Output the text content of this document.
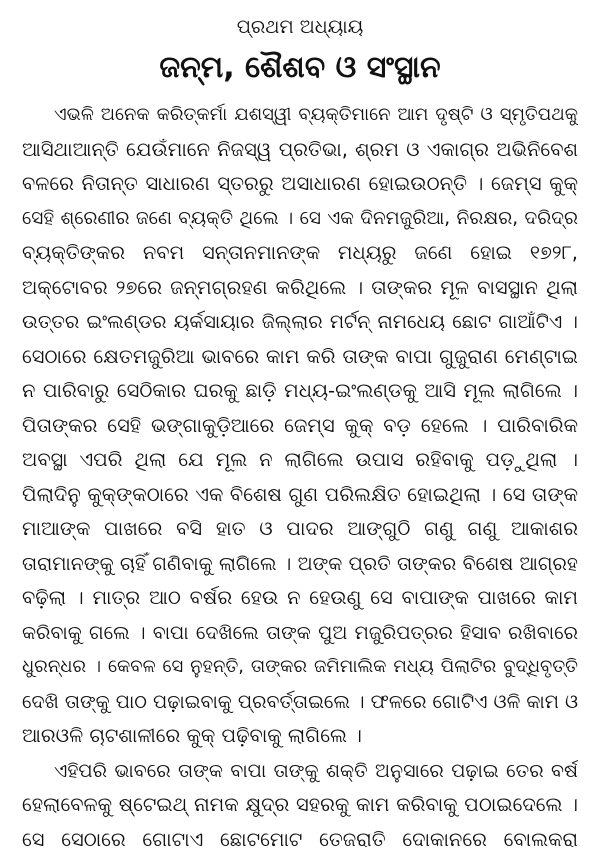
ପ୍ରଥମ ଅଧ୍ୟାୟ
ଜନ୍ମ, ଶୈଶବ ଓ ସଂସ୍ଥାନ
ଏଭଳି ଅନେକ କରିତ୍କର୍ମା ଯଶସ୍ୱୀ ବ୍ୟକ୍ତିମାନେ ଆମ ଦୃଷ୍ଟି ଓ ସ୍ମୃତିପଥକୁ
ଆସିଥାଆନ୍ତି ଯେଉଁମାନେ ନିଜସ୍ୱ ପ୍ରତିଭା, ଶ୍ରମ ଓ ଏକାଗ୍ର ଅଭିନିବେଶ
ବଳରେ ନିତାନ୍ତ ସାଧାରଣ ସ୍ତରରୁ ଅସାଧାରଣ ହୋଇଉଠନ୍ତି । ଜେମ୍ସ କୁକ୍
ସେହି ଶ୍ରେଣୀର ଜଣେ ବ୍ୟକ୍ତି ଥିଲେ । ସେ ଏକ ଦିନମଜୁରିଆ, ନିରକ୍ଷର, ଦରିଦ୍ର
ବ୍ୟକ୍ତିଙ୍କର ନବମ ସନ୍ତାନମାନଙ୍କ ମଧ୍ୟରୁ ଜଣେ ହୋଇ ୧୭୨୮,
ଅକ୍ଟୋବର ୨୭ରେ ଜନ୍ମଗ୍ରହଣ କରିଥିଲେ । ତାଙ୍କର ମୂଳ ବାସସ୍ଥାନ ଥିଲା
ଉତ୍ତର ଇଂଲଣ୍ଡର ୟର୍କସାୟାର ଜିଲ୍ଲାର ମର୍ଟନ୍ ନାମଧେୟ ଛୋଟ ଗାଆଁଟିଏ ।
ସେଠାରେ କ୍ଷେତମଜୁରିଆ ଭାବରେ କାମ କରି ତାଙ୍କ ବାପା ଗୁଜୁରାଣ ମେଣ୍ଟାଇ
ନ ପାରିବାରୁ ସେଠିକାର ଘରକୁ ଛାଡ଼ି ମଧ୍ୟ-ଇଂଲଣ୍ଡକୁ ଆସି ମୂଲ ଲାଗିଲେ ।
ପିତାଙ୍କର ସେହି ଭଙ୍ଗାକୁଡ଼ିଆରେ ଜେମ୍ସ କୁକ୍ ବଡ଼ ହେଲେ । ପାରିବାରିକ
ଅବସ୍ଥା ଏପରି ଥିଲା ଯେ ମୂଲ ନ ଲାଗିଲେ ଉପାସ ରହିବାକୁ ପଡ଼ୁଥିଲା ।
ପିଲାଦିନୁ କୁକ୍‌ଙ୍କଠାରେ ଏକ ବିଶେଷ ଗୁଣ ପରିଲକ୍ଷିତ ହୋଇଥିଲା । ସେ ତାଙ୍କ
ମାଆଙ୍କ ପାଖରେ ବସି ହାତ ଓ ପାଦର ଆଙ୍ଗୁଠି ଗଣୁ ଗଣୁ ଆକାଶର
ତାରାମାନଙ୍କୁ ଚାହିଁ ଗଣିବାକୁ ଲାଗିଲେ । ଅଙ୍କ ପ୍ରତି ତାଙ୍କର ବିଶେଷ ଆଗ୍ରହ
ବଢ଼ିଲା । ମାତ୍ର ଆଠ ବର୍ଷର ହେଉ ନ ହେଉଣୁ ସେ ବାପାଙ୍କ ପାଖରେ କାମ
କରିବାକୁ ଗଲେ । ବାପା ଦେଖିଲେ ତାଙ୍କ ପୁଅ ମଜୁରିପତ୍ରର ହିସାବ ରଖିବାରେ
ଧୁରନ୍ଧର । କେବଳ ସେ ନୁହନ୍ତି, ତାଙ୍କର ଜମିମାଲିକ ମଧ୍ୟ ପିଲାଟିର ବୁଦ୍ଧିବୃତ୍ତି
ଦେଖି ତାଙ୍କୁ ପାଠ ପଢ଼ାଇବାକୁ ପ୍ରବର୍ତ୍ତାଇଲେ । ଫଳରେ ଗୋଟିଏ ଓଳି କାମ ଓ
ଆରଓଳି ଚାଟଶାଳୀରେ କୁକ୍ ପଢ଼ିବାକୁ ଲାଗିଲେ ।
ଏହିପରି ଭାବରେ ତାଙ୍କ ବାପା ତାଙ୍କୁ ଶକ୍ତି ଅନୁସାରେ ପଢ଼ାଇ ତେର ବର୍ଷ
ହେଲାବେଳକୁ ଷ୍ଟେଇଥ୍ ନାମକ କ୍ଷୁଦ୍ର ସହରକୁ କାମ କରିବାକୁ ପଠାଇଦେଲେ ।
ସେ ସେଠାରେ ଗୋଟାଏ ଛୋଟମୋଟ ତେଜରାତି ଦୋକାନରେ ବୋଲକରା
